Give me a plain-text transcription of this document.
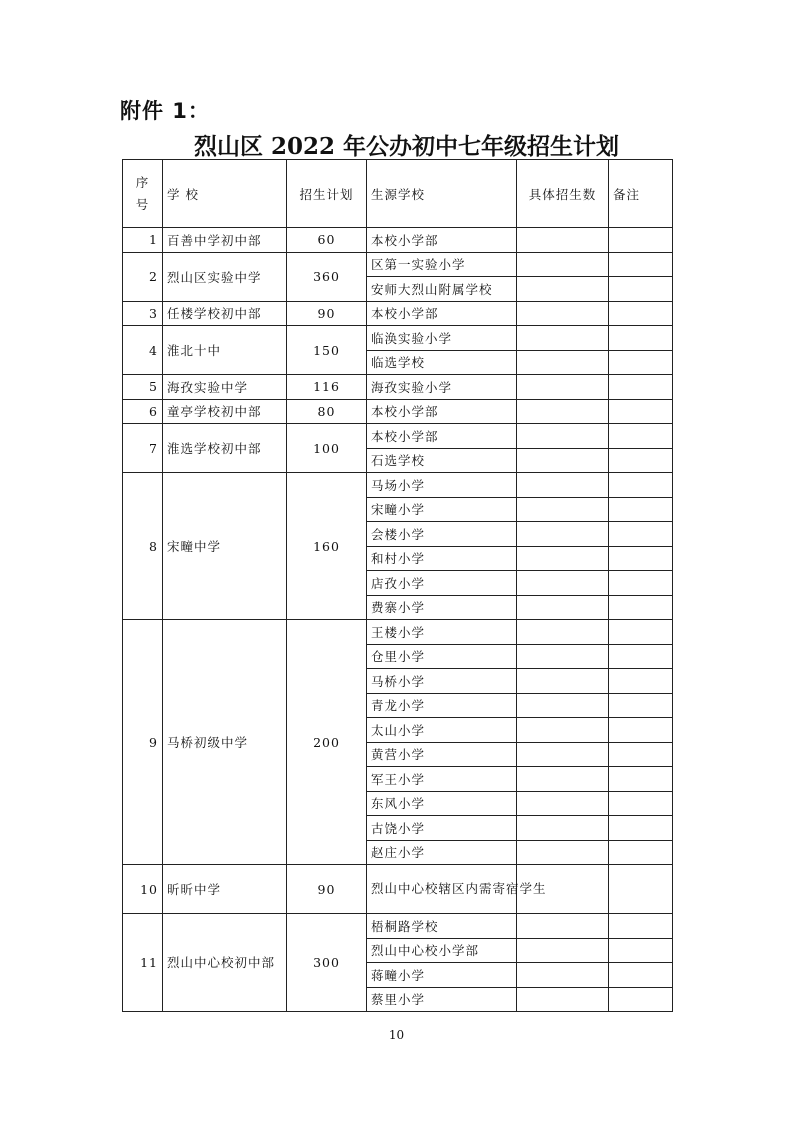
附件 1：
烈山区 2022 年公办初中七年级招生计划
序
号	学 校	招生计划	生源学校	具体招生数	备注
1	百善中学初中部	60	本校小学部		
2	烈山区实验中学	360	区第一实验小学		
			安师大烈山附属学校		
3	任楼学校初中部	90	本校小学部		
4	淮北十中	150	临涣实验小学		
			临选学校		
5	海孜实验中学	116	海孜实验小学		
6	童亭学校初中部	80	本校小学部		
7	淮选学校初中部	100	本校小学部		
			石选学校		
8	宋疃中学	160	马场小学		
			宋疃小学		
			会楼小学		
			和村小学		
			店孜小学		
			费寨小学		
9	马桥初级中学	200	王楼小学		
			仓里小学		
			马桥小学		
			青龙小学		
			太山小学		
			黄营小学		
			军王小学		
			东风小学		
			古饶小学		
			赵庄小学		
10	昕昕中学	90	烈山中心校辖区内需寄宿学生		
11	烈山中心校初中部	300	梧桐路学校		
			烈山中心校小学部		
			蒋疃小学		
			蔡里小学		
10
